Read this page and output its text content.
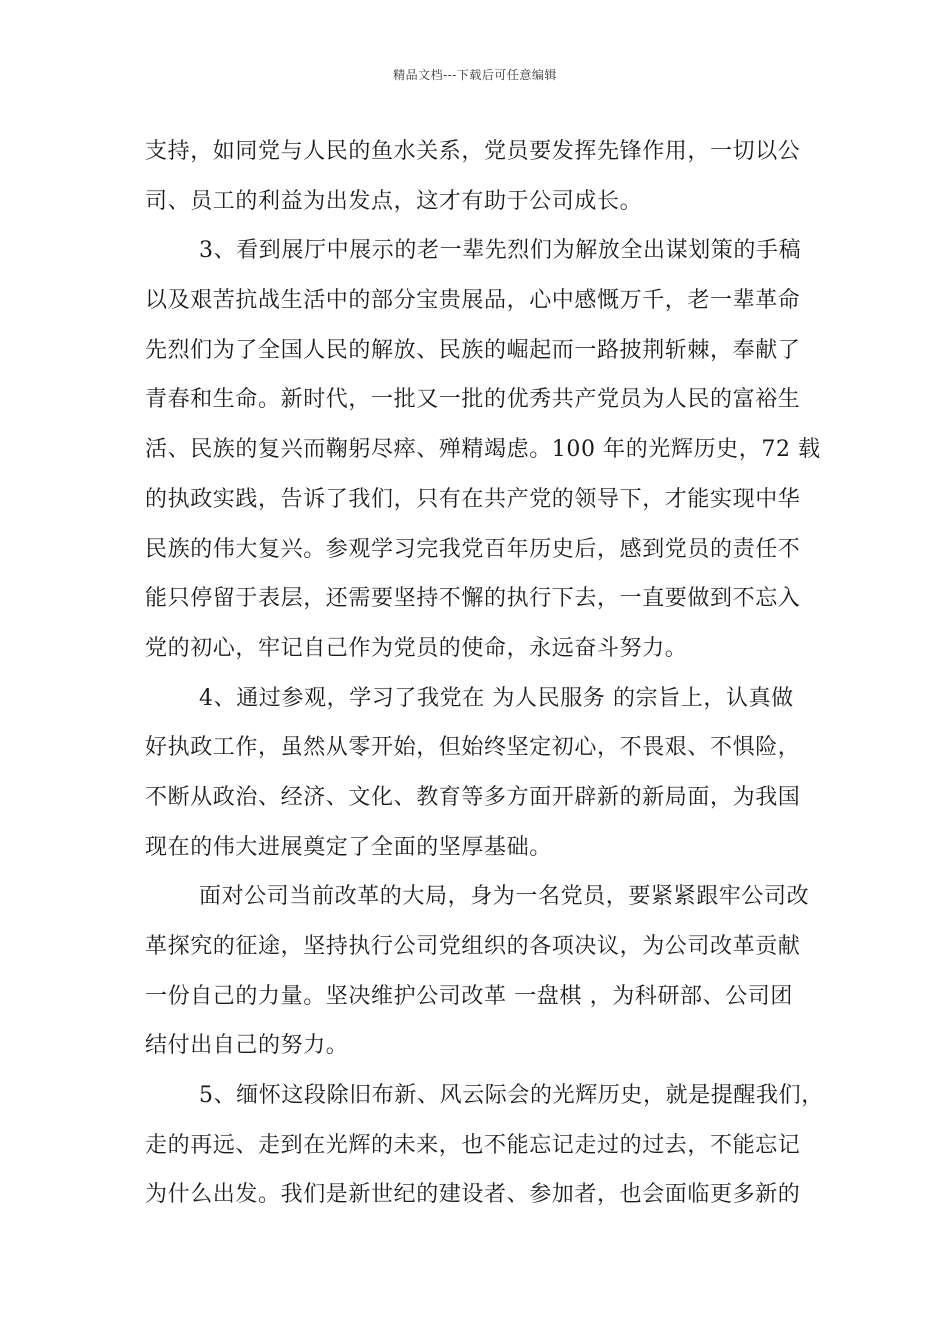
精品文档---下载后可任意编辑
支持，如同党与人民的鱼水关系，党员要发挥先锋作用，一切以公
司、员工的利益为出发点，这才有助于公司成长。
3、看到展厅中展示的老一辈先烈们为解放全出谋划策的手稿
以及艰苦抗战生活中的部分宝贵展品，心中感慨万千，老一辈革命
先烈们为了全国人民的解放、民族的崛起而一路披荆斩棘，奉献了
青春和生命。新时代，一批又一批的优秀共产党员为人民的富裕生
活、民族的复兴而鞠躬尽瘁、殚精竭虑。100 年的光辉历史，72 载
的执政实践，告诉了我们，只有在共产党的领导下，才能实现中华
民族的伟大复兴。参观学习完我党百年历史后，感到党员的责任不
能只停留于表层，还需要坚持不懈的执行下去，一直要做到不忘入
党的初心，牢记自己作为党员的使命，永远奋斗努力。
4、通过参观，学习了我党在 为人民服务 的宗旨上，认真做
好执政工作，虽然从零开始，但始终坚定初心，不畏艰、不惧险，
不断从政治、经济、文化、教育等多方面开辟新的新局面，为我国
现在的伟大进展奠定了全面的坚厚基础。
面对公司当前改革的大局，身为一名党员，要紧紧跟牢公司改
革探究的征途，坚持执行公司党组织的各项决议，为公司改革贡献
一份自己的力量。坚决维护公司改革 一盘棋 ，为科研部、公司团
结付出自己的努力。
5、缅怀这段除旧布新、风云际会的光辉历史，就是提醒我们，
走的再远、走到在光辉的未来，也不能忘记走过的过去，不能忘记
为什么出发。我们是新世纪的建设者、参加者，也会面临更多新的
